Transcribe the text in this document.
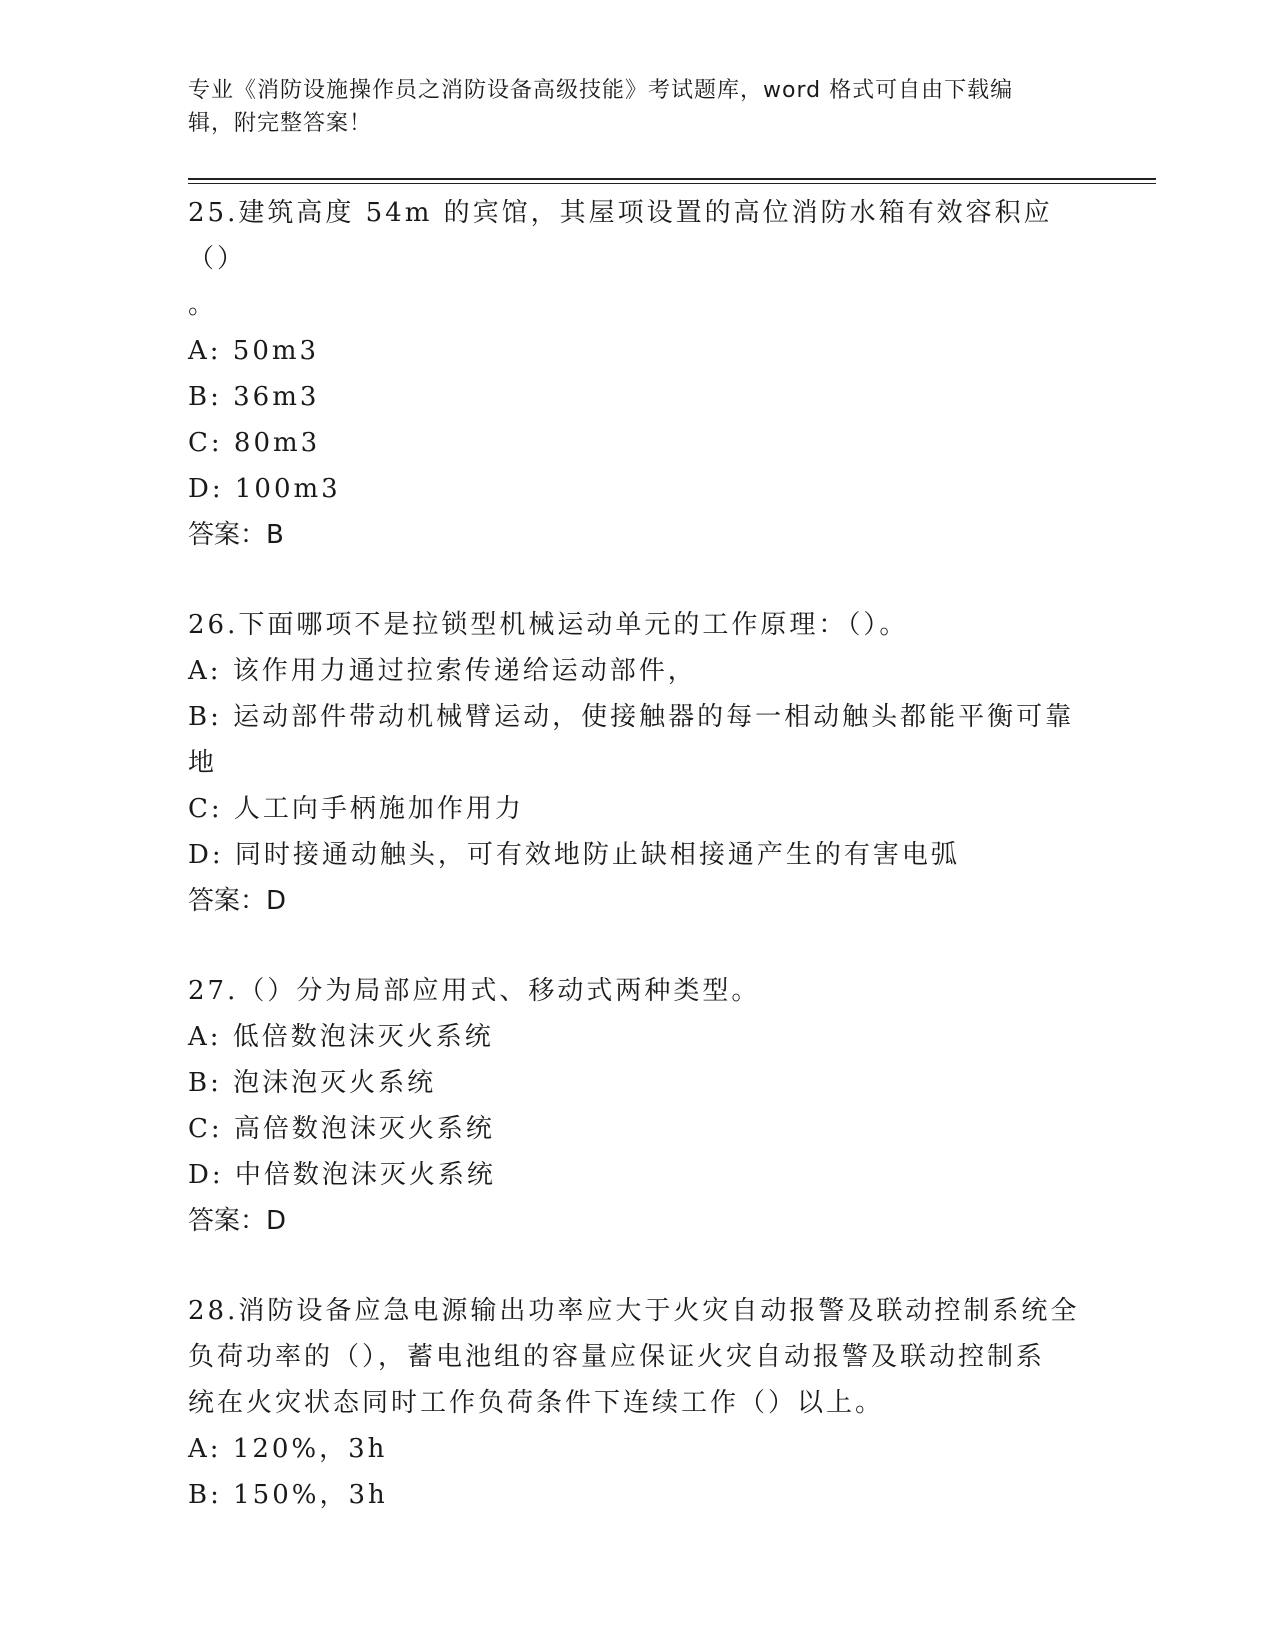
专业《消防设施操作员之消防设备高级技能》考试题库，word 格式可自由下载编
辑，附完整答案！

25.建筑高度 54m 的宾馆，其屋项设置的高位消防水箱有效容积应（）

。

A: 50m3

B: 36m3

C: 80m3

D: 100m3

答案：B

26.下面哪项不是拉锁型机械运动单元的工作原理：（）。

A: 该作用力通过拉索传递给运动部件，

B: 运动部件带动机械臂运动，使接触器的每一相动触头都能平衡可靠

地

C: 人工向手柄施加作用力

D: 同时接通动触头，可有效地防止缺相接通产生的有害电弧

答案：D

27.（）分为局部应用式、移动式两种类型。

A: 低倍数泡沫灭火系统

B: 泡沫泡灭火系统

C: 高倍数泡沫灭火系统

D: 中倍数泡沫灭火系统

答案：D

28.消防设备应急电源输出功率应大于火灾自动报警及联动控制系统全

负荷功率的（），蓄电池组的容量应保证火灾自动报警及联动控制系

统在火灾状态同时工作负荷条件下连续工作（）以上。

A: 120%，3h

B: 150%，3h
